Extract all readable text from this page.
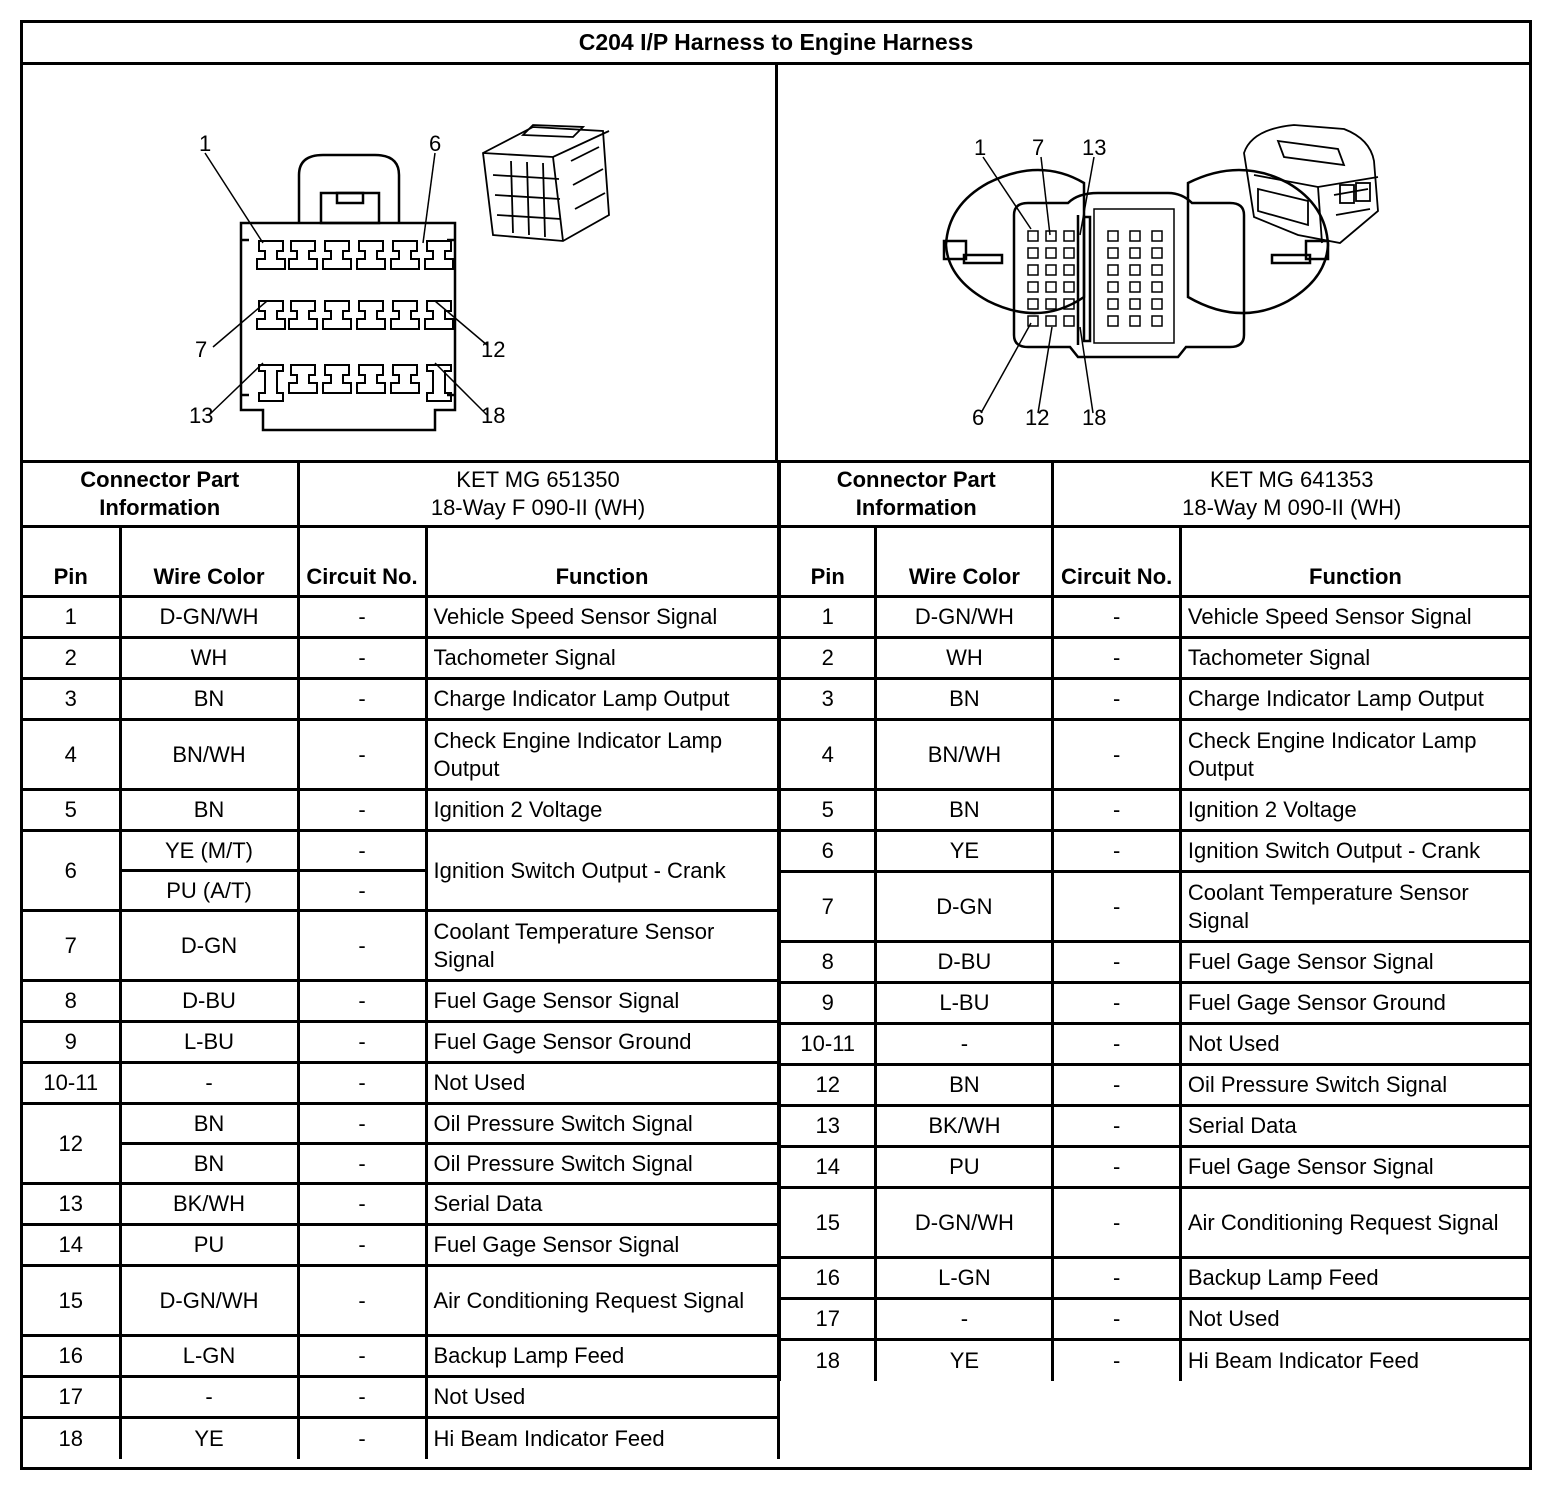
C204 I/P Harness to Engine Harness
1	6
7	12
13	18
1 7 13
6 12 18
Connector Part Information		KET MG 651350
18-Way F 090-II (WH)	

Pin	Wire Color	Circuit No.	Function
1	D-GN/WH	-	Vehicle Speed Sensor Signal
2	WH	-	Tachometer Signal
3	BN	-	Charge Indicator Lamp Output
4	BN/WH	-	Check Engine Indicator Lamp Output
5	BN	-	Ignition 2 Voltage
6	YE (M/T)	-	Ignition Switch Output - Crank
	PU (A/T)	-	
7	D-GN	-	Coolant Temperature Sensor Signal
8	D-BU	-	Fuel Gage Sensor Signal
9	L-BU	-	Fuel Gage Sensor Ground
10-11	-	-	Not Used
12	BN	-	Oil Pressure Switch Signal
	BN	-	Oil Pressure Switch Signal
13	BK/WH	-	Serial Data
14	PU	-	Fuel Gage Sensor Signal
15	D-GN/WH	-	Air Conditioning Request Signal
16	L-GN	-	Backup Lamp Feed
17	-	-	Not Used
18	YE	-	Hi Beam Indicator Feed
Connector Part Information		KET MG 641353
18-Way M 090-II (WH)	

Pin	Wire Color	Circuit No.	Function
1	D-GN/WH	-	Vehicle Speed Sensor Signal
2	WH	-	Tachometer Signal
3	BN	-	Charge Indicator Lamp Output
4	BN/WH	-	Check Engine Indicator Lamp Output
5	BN	-	Ignition 2 Voltage
6	YE	-	Ignition Switch Output - Crank
7	D-GN	-	Coolant Temperature Sensor Signal
8	D-BU	-	Fuel Gage Sensor Signal
9	L-BU	-	Fuel Gage Sensor Ground
10-11	-	-	Not Used
12	BN	-	Oil Pressure Switch Signal
13	BK/WH	-	Serial Data
14	PU	-	Fuel Gage Sensor Signal
15	D-GN/WH	-	Air Conditioning Request Signal
16	L-GN	-	Backup Lamp Feed
17	-	-	Not Used
18	YE	-	Hi Beam Indicator Feed
